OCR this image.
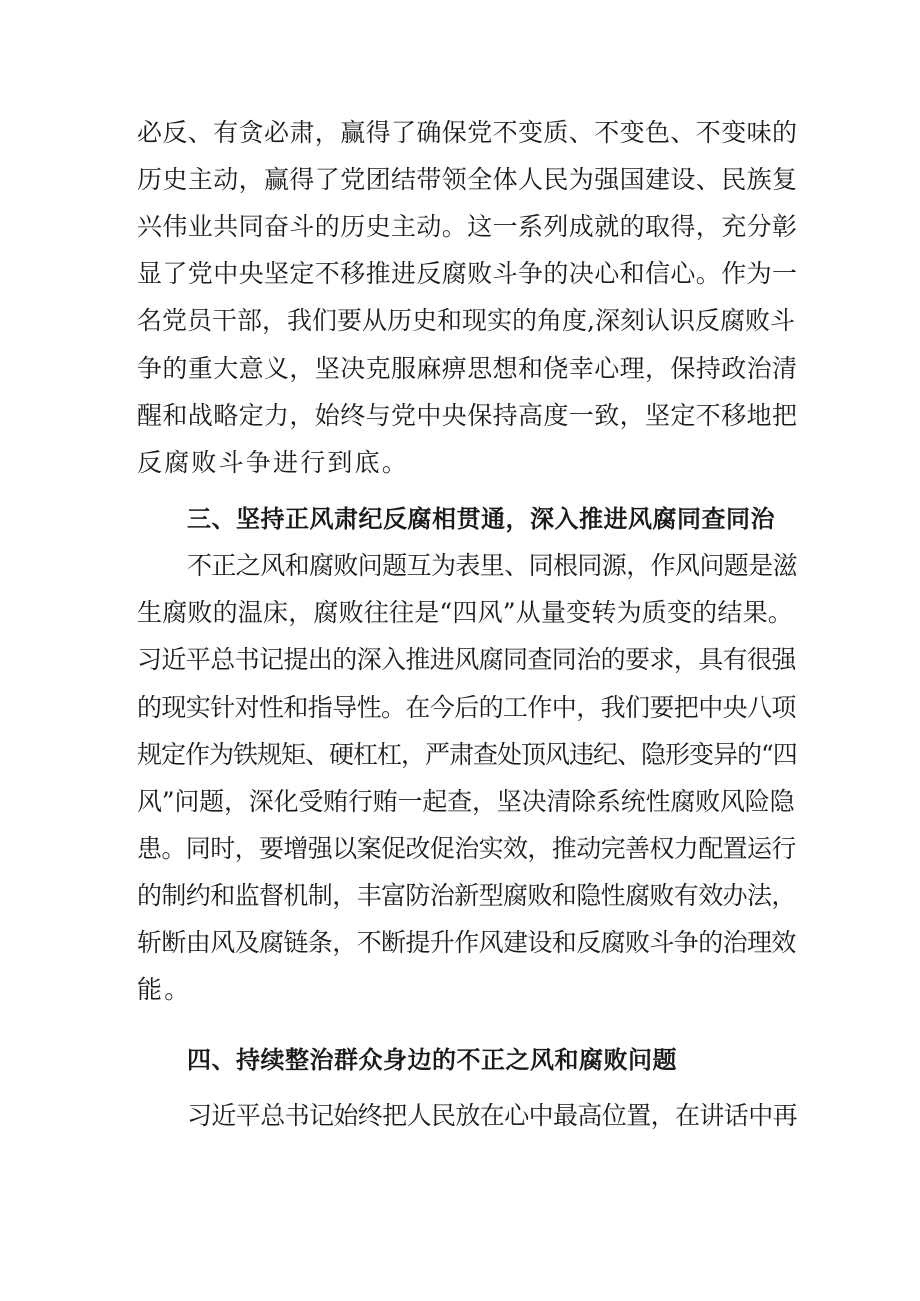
必反、有贪必肃，赢得了确保党不变质、不变色、不变味的
历史主动，赢得了党团结带领全体人民为强国建设、民族复
兴伟业共同奋斗的历史主动。这一系列成就的取得，充分彰
显了党中央坚定不移推进反腐败斗争的决心和信心。作为一
名党员干部，我们要从历史和现实的角度,深刻认识反腐败斗
争的重大意义，坚决克服麻痹思想和侥幸心理，保持政治清
醒和战略定力，始终与党中央保持高度一致，坚定不移地把
反腐败斗争进行到底。
三、坚持正风肃纪反腐相贯通，深入推进风腐同查同治
不正之风和腐败问题互为表里、同根同源，作风问题是滋
生腐败的温床，腐败往往是“四风”从量变转为质变的结果。
习近平总书记提出的深入推进风腐同查同治的要求，具有很强
的现实针对性和指导性。在今后的工作中，我们要把中央八项
规定作为铁规矩、硬杠杠，严肃查处顶风违纪、隐形变异的“四
风”问题，深化受贿行贿一起查，坚决清除系统性腐败风险隐
患。同时，要增强以案促改促治实效，推动完善权力配置运行
的制约和监督机制，丰富防治新型腐败和隐性腐败有效办法，
斩断由风及腐链条，不断提升作风建设和反腐败斗争的治理效
能。
四、持续整治群众身边的不正之风和腐败问题
习近平总书记始终把人民放在心中最高位置，在讲话中再
